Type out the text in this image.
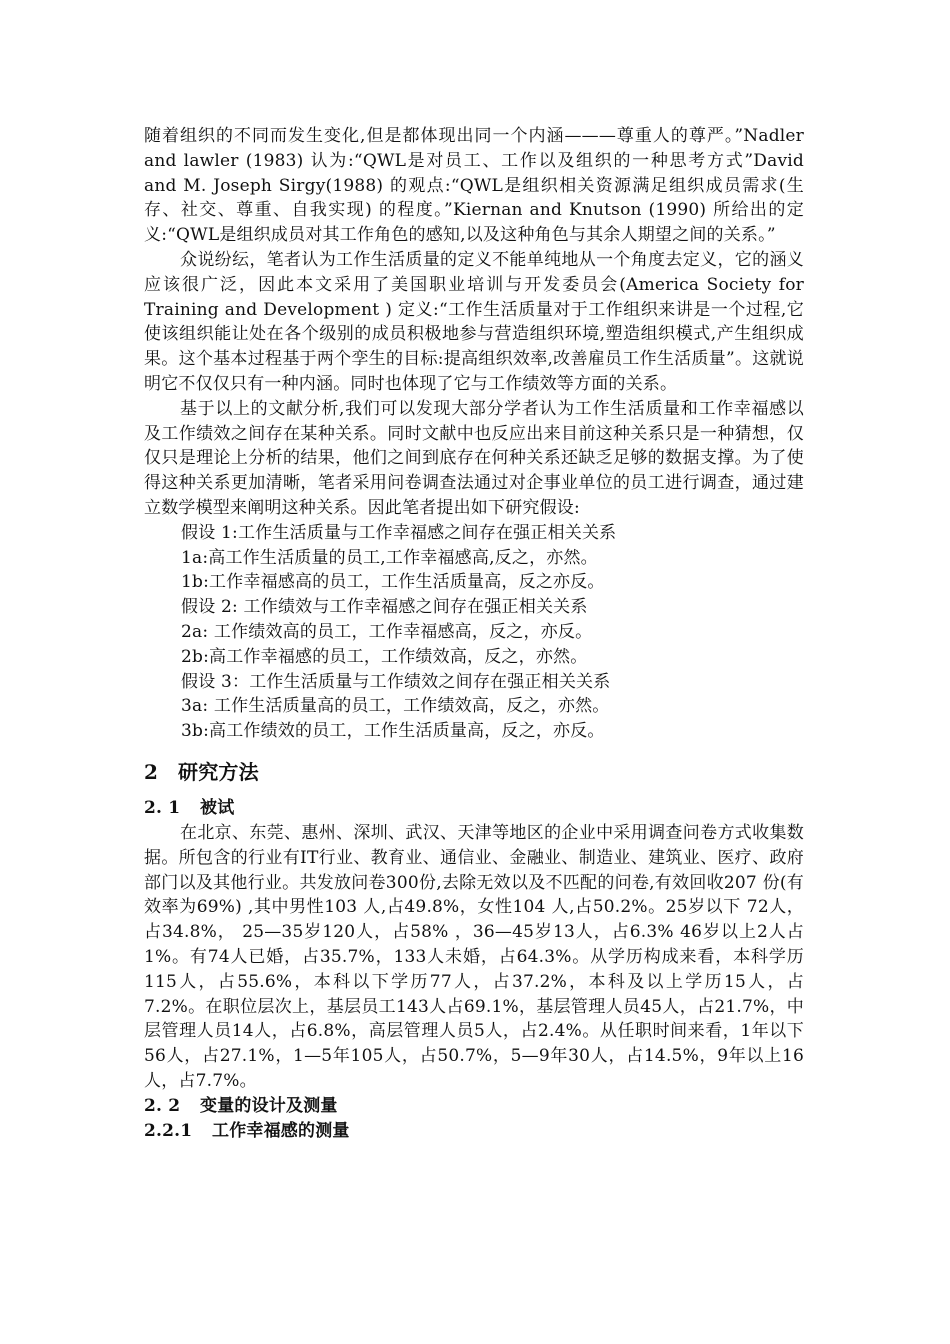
随着组织的不同而发生变化,但是都体现出同一个内涵———尊重人的尊严。”Nadler and lawler (1983) 认为:“QWL是对员工、工作以及组织的一种思考方式”David and M. Joseph Sirgy(1988) 的观点:“QWL是组织相关资源满足组织成员需求(生存、社交、尊重、自我实现) 的程度。”Kiernan and Knutson (1990) 所给出的定义:“QWL是组织成员对其工作角色的感知,以及这种角色与其余人期望之间的关系。”

众说纷纭，笔者认为工作生活质量的定义不能单纯地从一个角度去定义，它的涵义应该很广泛，因此本文采用了美国职业培训与开发委员会(America Society for Training and Development ) 定义:“工作生活质量对于工作组织来讲是一个过程,它使该组织能让处在各个级别的成员积极地参与营造组织环境,塑造组织模式,产生组织成果。这个基本过程基于两个孪生的目标:提高组织效率,改善雇员工作生活质量”。这就说明它不仅仅只有一种内涵。同时也体现了它与工作绩效等方面的关系。

基于以上的文献分析,我们可以发现大部分学者认为工作生活质量和工作幸福感以及工作绩效之间存在某种关系。同时文献中也反应出来目前这种关系只是一种猜想，仅仅只是理论上分析的结果，他们之间到底存在何种关系还缺乏足够的数据支撑。为了使得这种关系更加清晰，笔者采用问卷调查法通过对企事业单位的员工进行调查，通过建立数学模型来阐明这种关系。因此笔者提出如下研究假设:

假设 1:工作生活质量与工作幸福感之间存在强正相关关系

1a:高工作生活质量的员工,工作幸福感高,反之，亦然。

1b:工作幸福感高的员工，工作生活质量高，反之亦反。

假设 2: 工作绩效与工作幸福感之间存在强正相关关系

2a: 工作绩效高的员工，工作幸福感高，反之，亦反。

2b:高工作幸福感的员工，工作绩效高，反之，亦然。

假设 3：工作生活质量与工作绩效之间存在强正相关关系

3a: 工作生活质量高的员工，工作绩效高，反之，亦然。

3b:高工作绩效的员工，工作生活质量高，反之，亦反。

2 研究方法
2. 1 被试

在北京、东莞、惠州、深圳、武汉、天津等地区的企业中采用调查问卷方式收集数据。所包含的行业有IT行业、教育业、通信业、金融业、制造业、建筑业、医疗、政府部门以及其他行业。共发放问卷300份,去除无效以及不匹配的问卷,有效回收207 份(有效率为69%) ,其中男性103 人,占49.8%，女性104 人,占50.2%。25岁以下 72人，占34.8%， 25—35岁120人，占58% ，36—45岁13人，占6.3% 46岁以上2人占1%。有74人已婚，占35.7%，133人未婚，占64.3%。从学历构成来看，本科学历115人，占55.6%，本科以下学历77人，占37.2%，本科及以上学历15人，占7.2%。在职位层次上，基层员工143人占69.1%，基层管理人员45人，占21.7%，中层管理人员14人，占6.8%，高层管理人员5人，占2.4%。从任职时间来看，1年以下56人，占27.1%，1—5年105人，占50.7%，5—9年30人，占14.5%，9年以上16人，占7.7%。

2. 2 变量的设计及测量
2.2.1 工作幸福感的测量
